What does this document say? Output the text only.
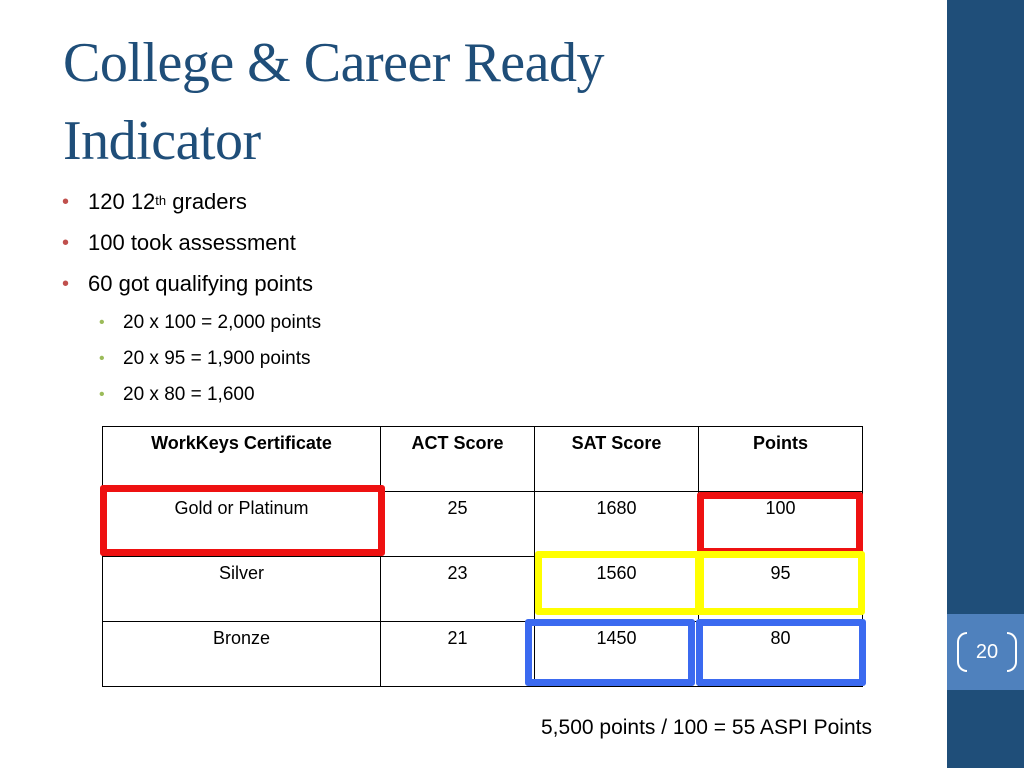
College & Career Ready
Indicator
• 120 12th graders
• 100 took assessment
• 60 got qualifying points
• 20 x 100 = 2,000 points
• 20 x 95 = 1,900 points
• 20 x 80 = 1,600
WorkKeys Certificate	ACT Score	SAT Score	Points
Gold or Platinum	25	1680	100
Silver	23	1560	95
Bronze	21	1450	80
5,500 points / 100 = 55 ASPI Points
20
